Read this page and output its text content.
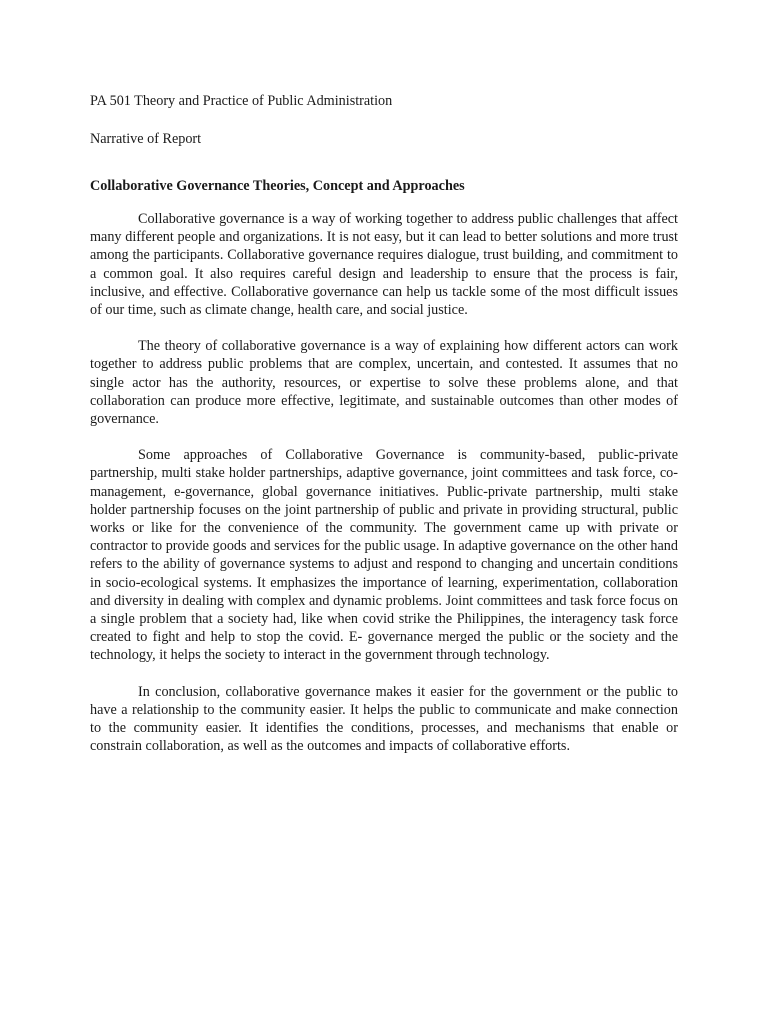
PA 501 Theory and Practice of Public Administration

Narrative of Report

Collaborative Governance Theories, Concept and Approaches

Collaborative governance is a way of working together to address public challenges that affect many different people and organizations. It is not easy, but it can lead to better solutions and more trust among the participants. Collaborative governance requires dialogue, trust building, and commitment to a common goal. It also requires careful design and leadership to ensure that the process is fair, inclusive, and effective. Collaborative governance can help us tackle some of the most difficult issues of our time, such as climate change, health care, and social justice.

The theory of collaborative governance is a way of explaining how different actors can work together to address public problems that are complex, uncertain, and contested. It assumes that no single actor has the authority, resources, or expertise to solve these problems alone, and that collaboration can produce more effective, legitimate, and sustainable outcomes than other modes of governance.

Some approaches of Collaborative Governance is community-based, public-private partnership, multi stake holder partnerships, adaptive governance, joint committees and task force, co-management, e-governance, global governance initiatives. Public-private partnership, multi stake holder partnership focuses on the joint partnership of public and private in providing structural, public works or like for the convenience of the community. The government came up with private or contractor to provide goods and services for the public usage. In adaptive governance on the other hand refers to the ability of governance systems to adjust and respond to changing and uncertain conditions in socio-ecological systems. It emphasizes the importance of learning, experimentation, collaboration and diversity in dealing with complex and dynamic problems. Joint committees and task force focus on a single problem that a society had, like when covid strike the Philippines, the interagency task force created to fight and help to stop the covid. E- governance merged the public or the society and the technology, it helps the society to interact in the government through technology.

In conclusion, collaborative governance makes it easier for the government or the public to have a relationship to the community easier. It helps the public to communicate and make connection to the community easier. It identifies the conditions, processes, and mechanisms that enable or constrain collaboration, as well as the outcomes and impacts of collaborative efforts.
